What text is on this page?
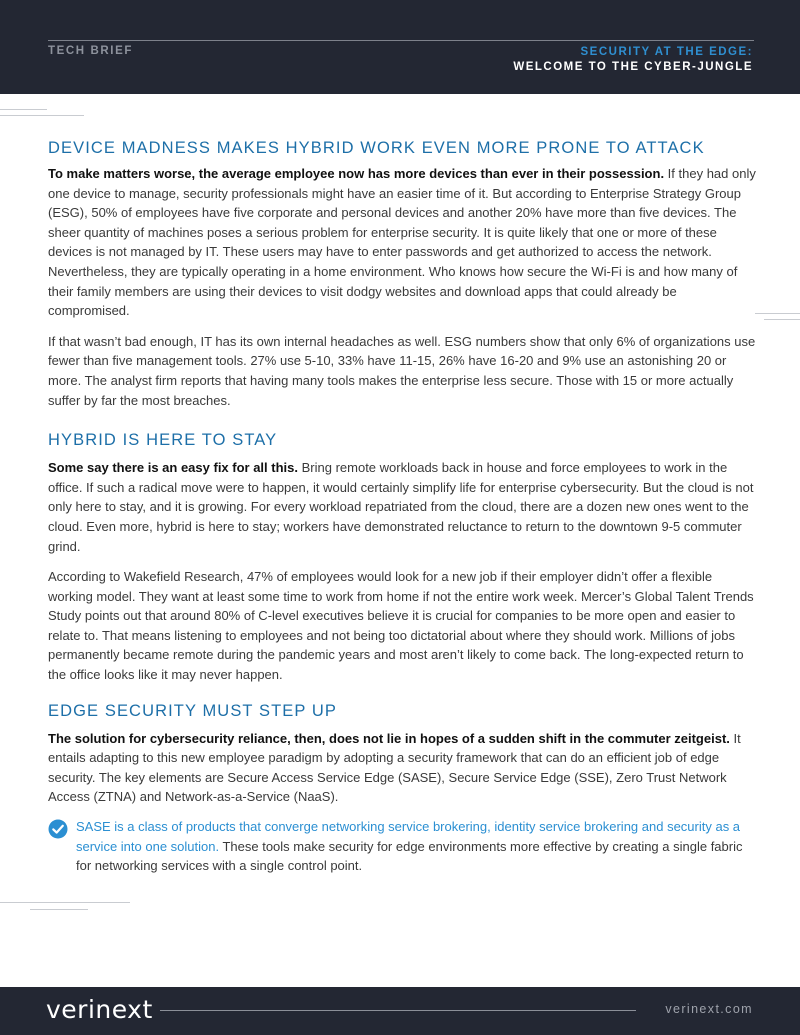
TECH BRIEF	SECURITY AT THE EDGE:
WELCOME TO THE CYBER-JUNGLE
DEVICE MADNESS MAKES HYBRID WORK EVEN MORE PRONE TO ATTACK

To make matters worse, the average employee now has more devices than ever in their possession. If they had only one device to manage, security professionals might have an easier time of it. But according to Enterprise Strategy Group (ESG), 50% of employees have five corporate and personal devices and another 20% have more than five devices. The sheer quantity of machines poses a serious problem for enterprise security. It is quite likely that one or more of these devices is not managed by IT. These users may have to enter passwords and get authorized to access the network. Nevertheless, they are typically operating in a home environment. Who knows how secure the Wi-Fi is and how many of their family members are using their devices to visit dodgy websites and download apps that could already be compromised.

If that wasn’t bad enough, IT has its own internal headaches as well. ESG numbers show that only 6% of organizations use fewer than five management tools. 27% use 5-10, 33% have 11-15, 26% have 16-20 and 9% use an astonishing 20 or more. The analyst firm reports that having many tools makes the enterprise less secure. Those with 15 or more actually suffer by far the most breaches.

HYBRID IS HERE TO STAY

Some say there is an easy fix for all this. Bring remote workloads back in house and force employees to work in the office. If such a radical move were to happen, it would certainly simplify life for enterprise cybersecurity. But the cloud is not only here to stay, and it is growing. For every workload repatriated from the cloud, there are a dozen new ones went to the cloud. Even more, hybrid is here to stay; workers have demonstrated reluctance to return to the downtown 9-5 commuter grind.

According to Wakefield Research, 47% of employees would look for a new job if their employer didn’t offer a flexible working model. They want at least some time to work from home if not the entire work week. Mercer’s Global Talent Trends Study points out that around 80% of C-level executives believe it is crucial for companies to be more open and easier to relate to. That means listening to employees and not being too dictatorial about where they should work. Millions of jobs permanently became remote during the pandemic years and most aren’t likely to come back. The long-expected return to the office looks like it may never happen.

EDGE SECURITY MUST STEP UP

The solution for cybersecurity reliance, then, does not lie in hopes of a sudden shift in the commuter zeitgeist. It entails adapting to this new employee paradigm by adopting a security framework that can do an efficient job of edge security. The key elements are Secure Access Service Edge (SASE), Secure Service Edge (SSE), Zero Trust Network Access (ZTNA) and Network-as-a-Service (NaaS).

SASE is a class of products that converge networking service brokering, identity service brokering and security as a service into one solution. These tools make security for edge environments more effective by creating a single fabric for networking services with a single control point.

verinext	verinext.com
